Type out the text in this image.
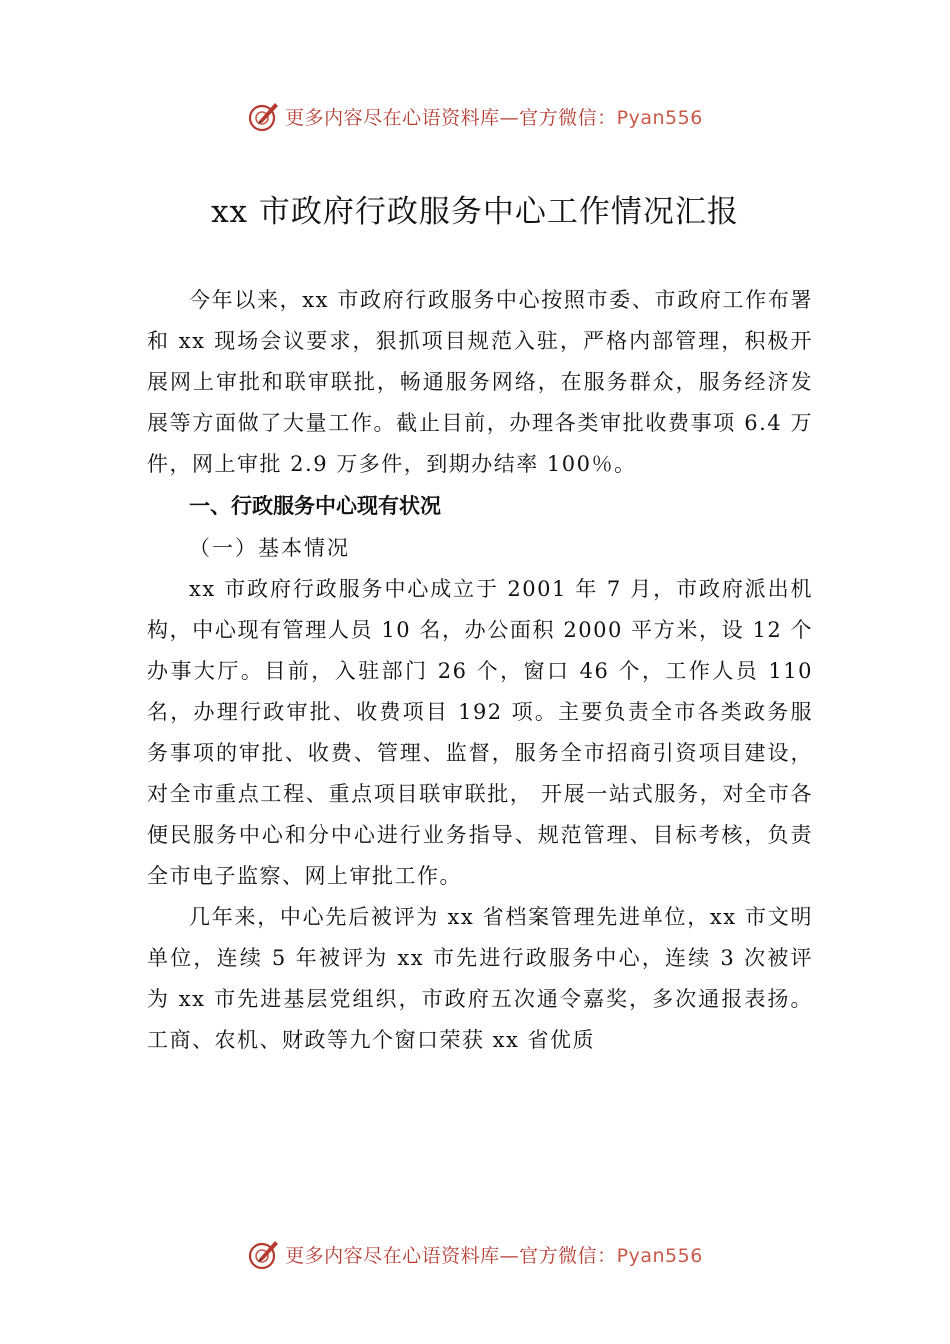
更多内容尽在心语资料库—官方微信：Pyan556
xx 市政府行政服务中心工作情况汇报

今年以来，xx 市政府行政服务中心按照市委、市政府工作布署和 xx 现场会议要求，狠抓项目规范入驻，严格内部管理，积极开展网上审批和联审联批，畅通服务网络，在服务群众，服务经济发展等方面做了大量工作。截止目前，办理各类审批收费事项 6.4 万件，网上审批 2.9 万多件，到期办结率 100％。

一、行政服务中心现有状况

（一）基本情况

xx 市政府行政服务中心成立于 2001 年 7 月，市政府派出机构，中心现有管理人员 10 名，办公面积 2000 平方米，设 12 个办事大厅。目前，入驻部门 26 个，窗口 46 个，工作人员 110 名，办理行政审批、收费项目 192 项。主要负责全市各类政务服务事项的审批、收费、管理、监督，服务全市招商引资项目建设，对全市重点工程、重点项目联审联批， 开展一站式服务，对全市各便民服务中心和分中心进行业务指导、规范管理、目标考核，负责全市电子监察、网上审批工作。

几年来，中心先后被评为 xx 省档案管理先进单位，xx 市文明单位，连续 5 年被评为 xx 市先进行政服务中心，连续 3 次被评为 xx 市先进基层党组织，市政府五次通令嘉奖，多次通报表扬。工商、农机、财政等九个窗口荣获 xx 省优质

更多内容尽在心语资料库—官方微信：Pyan556
